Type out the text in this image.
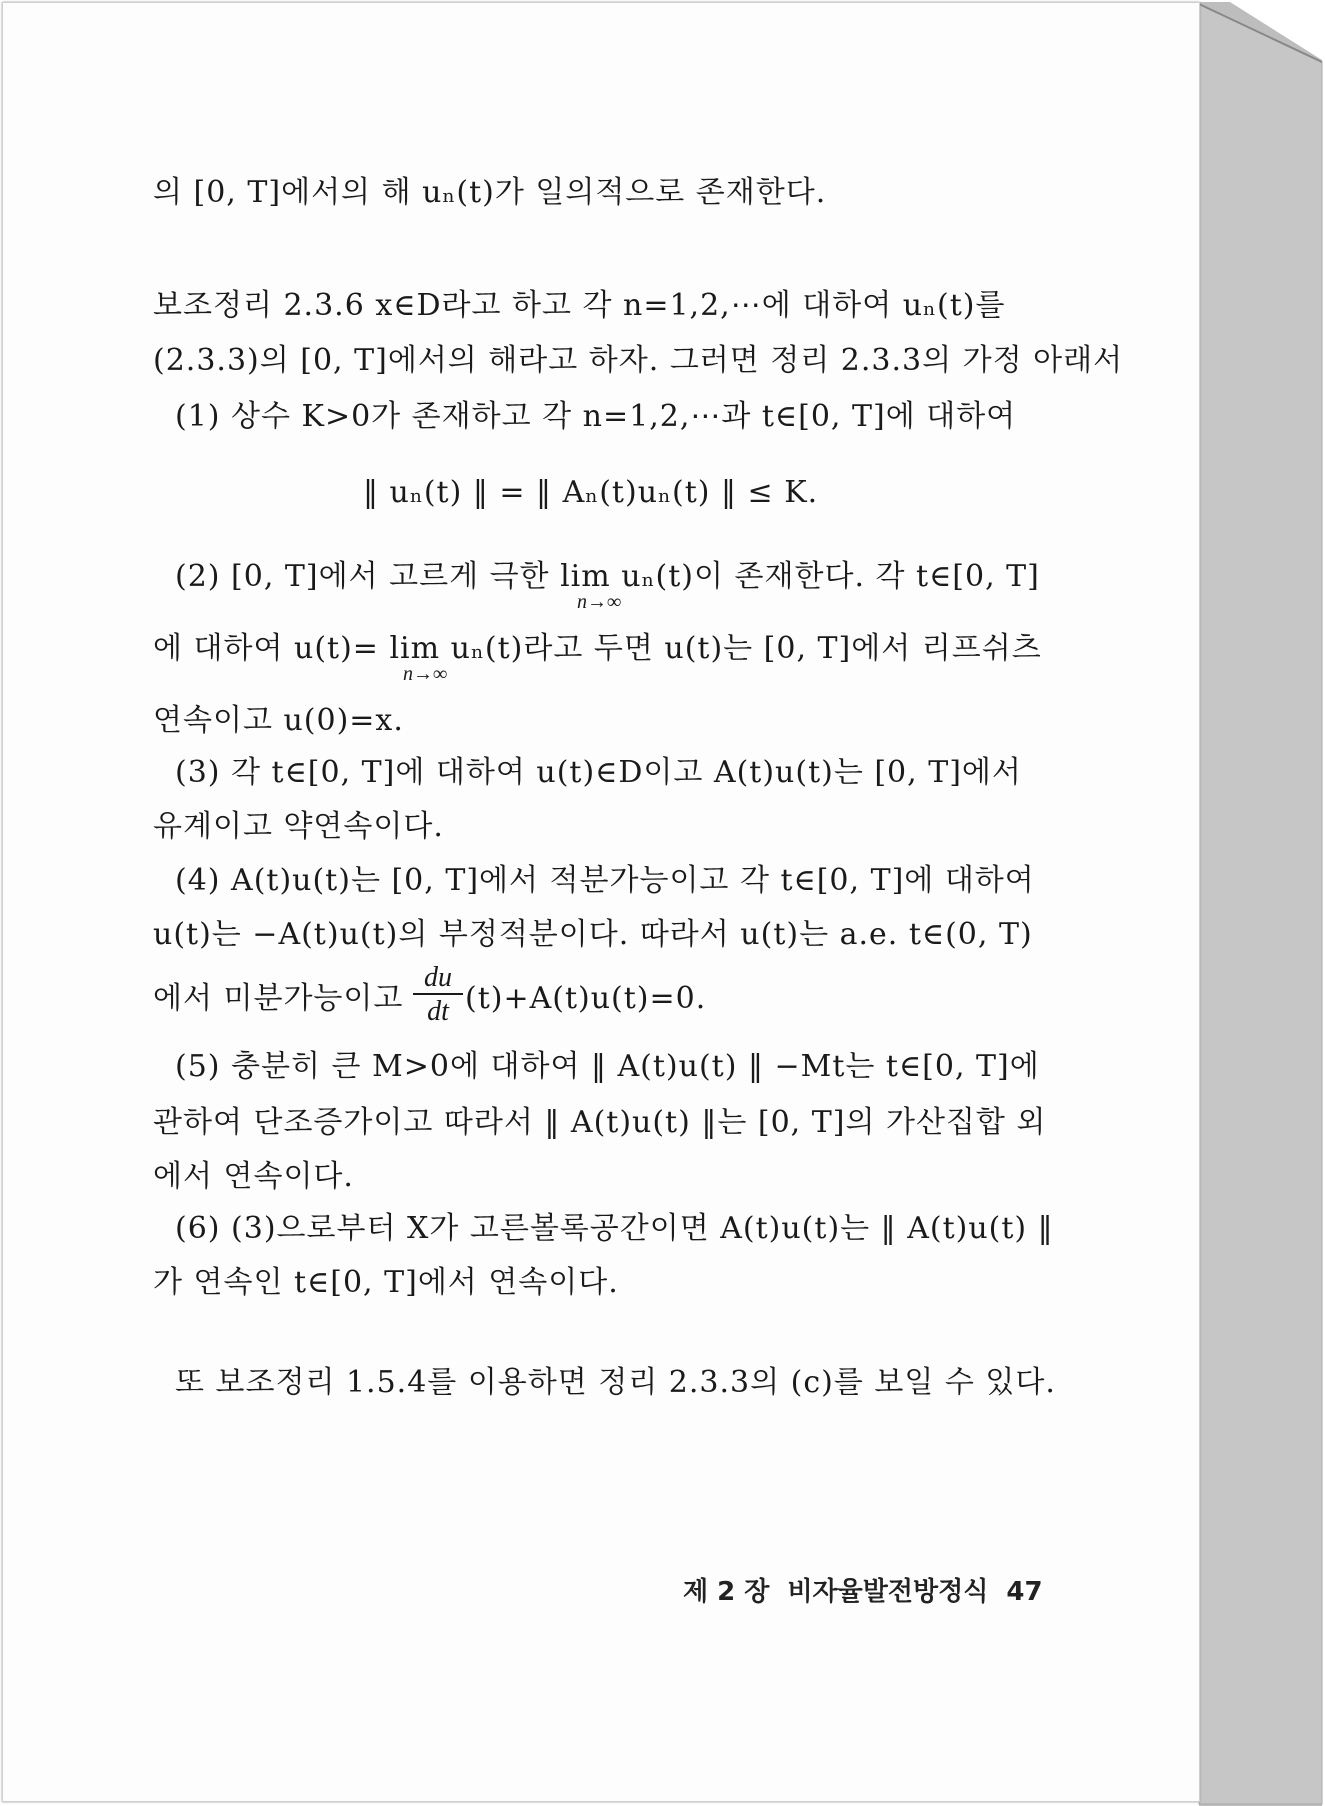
의 [0, T]에서의 해 uₙ(t)가 일의적으로 존재한다.
보조정리 2.3.6 x∈D라고 하고 각 n=1,2,⋯에 대하여 uₙ(t)를
(2.3.3)의 [0, T]에서의 해라고 하자. 그러면 정리 2.3.3의 가정 아래서
(1) 상수 K>0가 존재하고 각 n=1,2,⋯과 t∈[0, T]에 대하여
‖ uₙ(t) ‖ = ‖ Aₙ(t)uₙ(t) ‖ ≤ K.
(2) [0, T]에서 고르게 극한 lim uₙ(t)이 존재한다. 각 t∈[0, T]
n→∞
에 대하여 u(t)= lim uₙ(t)라고 두면 u(t)는 [0, T]에서 리프쉬츠
n→∞
연속이고 u(0)=x.
(3) 각 t∈[0, T]에 대하여 u(t)∈D이고 A(t)u(t)는 [0, T]에서
유계이고 약연속이다.
(4) A(t)u(t)는 [0, T]에서 적분가능이고 각 t∈[0, T]에 대하여
u(t)는 −A(t)u(t)의 부정적분이다. 따라서 u(t)는 a.e. t∈(0, T)
에서 미분가능이고
du
dt (t)+A(t)u(t)=0.
(5) 충분히 큰 M>0에 대하여 ‖ A(t)u(t) ‖ −Mt는 t∈[0, T]에
관하여 단조증가이고 따라서 ‖ A(t)u(t) ‖는 [0, T]의 가산집합 외
에서 연속이다.
(6) (3)으로부터 X가 고른볼록공간이면 A(t)u(t)는 ‖ A(t)u(t) ‖
가 연속인 t∈[0, T]에서 연속이다.
또 보조정리 1.5.4를 이용하면 정리 2.3.3의 (c)를 보일 수 있다.
제 2 장 비자율발전방정식 47
